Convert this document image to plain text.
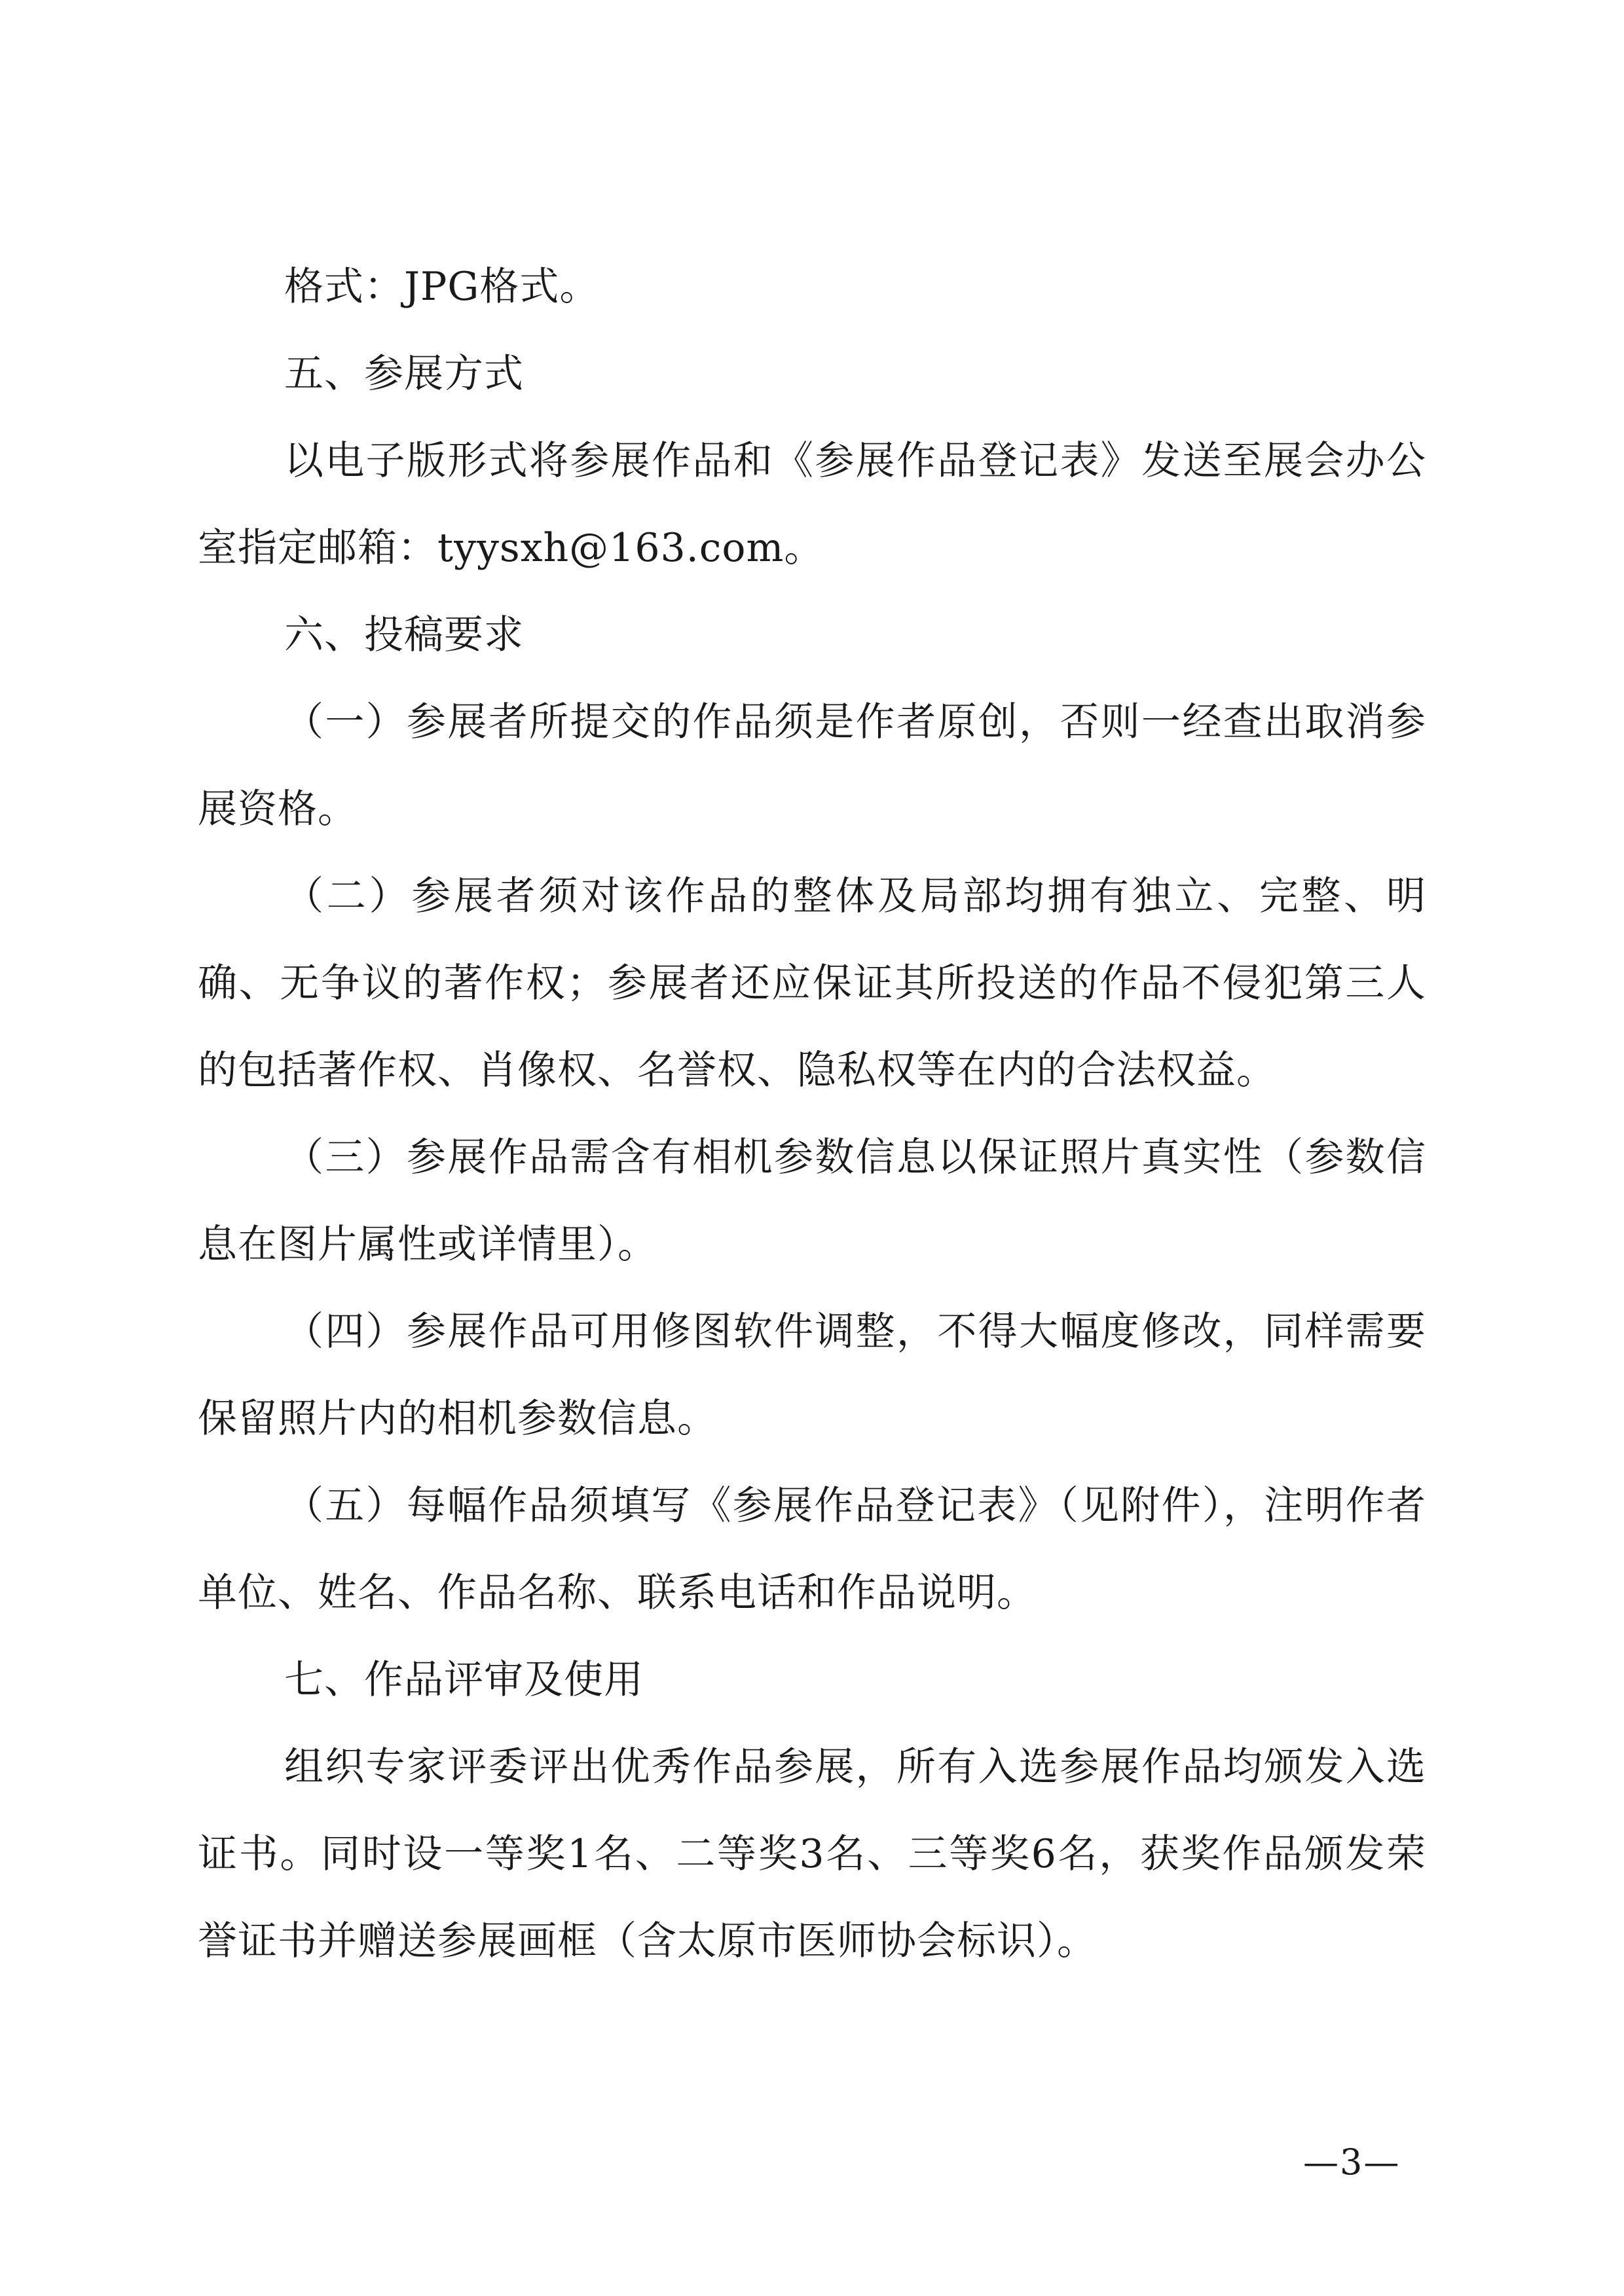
格式：JPG格式。

五、参展方式

以电子版形式将参展作品和《参展作品登记表》发送至展会办公室指定邮箱：tyysxh@163.com。

六、投稿要求

（一）参展者所提交的作品须是作者原创，否则一经查出取消参展资格。

（二）参展者须对该作品的整体及局部均拥有独立、完整、明确、无争议的著作权；参展者还应保证其所投送的作品不侵犯第三人的包括著作权、肖像权、名誉权、隐私权等在内的合法权益。

（三）参展作品需含有相机参数信息以保证照片真实性（参数信息在图片属性或详情里）。

（四）参展作品可用修图软件调整，不得大幅度修改，同样需要保留照片内的相机参数信息。

（五）每幅作品须填写《参展作品登记表》（见附件），注明作者单位、姓名、作品名称、联系电话和作品说明。

七、作品评审及使用

组织专家评委评出优秀作品参展，所有入选参展作品均颁发入选证书。同时设一等奖1名、二等奖3名、三等奖6名，获奖作品颁发荣誉证书并赠送参展画框（含太原市医师协会标识）。

—3—
